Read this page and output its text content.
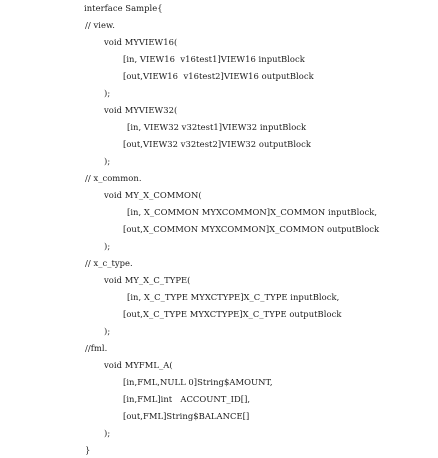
interface Sample{
// view.
void MYVIEW16(
[in, VIEW16  v16test1]VIEW16 inputBlock
[out,VIEW16  v16test2]VIEW16 outputBlock
);
void MYVIEW32(
[in, VIEW32 v32test1]VIEW32 inputBlock
[out,VIEW32 v32test2]VIEW32 outputBlock
);
// x_common.
void MY_X_COMMON(
[in, X_COMMON MYXCOMMON]X_COMMON inputBlock,
[out,X_COMMON MYXCOMMON]X_COMMON outputBlock
);
// x_c_type.
void MY_X_C_TYPE(
[in, X_C_TYPE MYXCTYPE]X_C_TYPE inputBlock,
[out,X_C_TYPE MYXCTYPE]X_C_TYPE outputBlock
);
//fml.
void MYFML_A(
[in,FML,NULL 0]String$AMOUNT,
[in,FML]int   ACCOUNT_ID[],
[out,FML]String$BALANCE[]
);
}
